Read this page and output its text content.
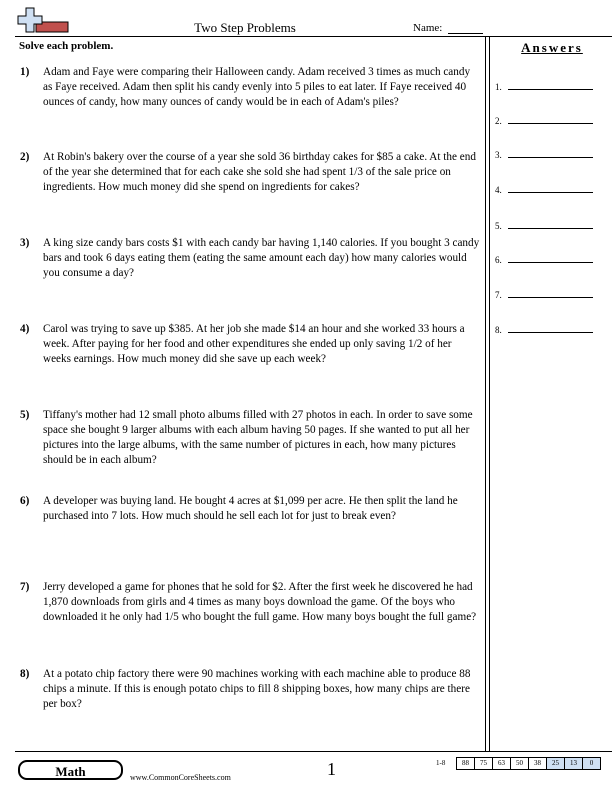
Two Step Problems	Name:
Solve each problem.	Answers
1) Adam and Faye were comparing their Halloween candy. Adam received 3 times as much candy as Faye received. Adam then split his candy evenly into 5 piles to eat later. If Faye received 40 ounces of candy, how many ounces of candy would be in each of Adam's piles?
2) At Robin's bakery over the course of a year she sold 36 birthday cakes for $85 a cake. At the end of the year she determined that for each cake she sold she had spent 1/3 of the sale price on ingredients. How much money did she spend on ingredients for cakes?
3) A king size candy bars costs $1 with each candy bar having 1,140 calories. If you bought 3 candy bars and took 6 days eating them (eating the same amount each day) how many calories would you consume a day?
4) Carol was trying to save up $385. At her job she made $14 an hour and she worked 33 hours a week. After paying for her food and other expenditures she ended up only saving 1/2 of her weeks earnings. How much money did she save up each week?
5) Tiffany's mother had 12 small photo albums filled with 27 photos in each. In order to save some space she bought 9 larger albums with each album having 50 pages. If she wanted to put all her pictures into the large albums, with the same number of pictures in each, how many pictures should be in each album?
6) A developer was buying land. He bought 4 acres at $1,099 per acre. He then split the land he purchased into 7 lots. How much should he sell each lot for just to break even?
7) Jerry developed a game for phones that he sold for $2. After the first week he discovered he had 1,870 downloads from girls and 4 times as many boys download the game. Of the boys who downloaded it he only had 1/5 who bought the full game. How many boys bought the full game?
8) At a potato chip factory there were 90 machines working with each machine able to produce 88 chips a minute. If this is enough potato chips to fill 8 shipping boxes, how many chips are there per box?
1.
2.
3.
4.
5.
6.
7.
8.
Math	www.CommonCoreSheets.com	1	1-8	88	75	63	50	38	25	13	0
